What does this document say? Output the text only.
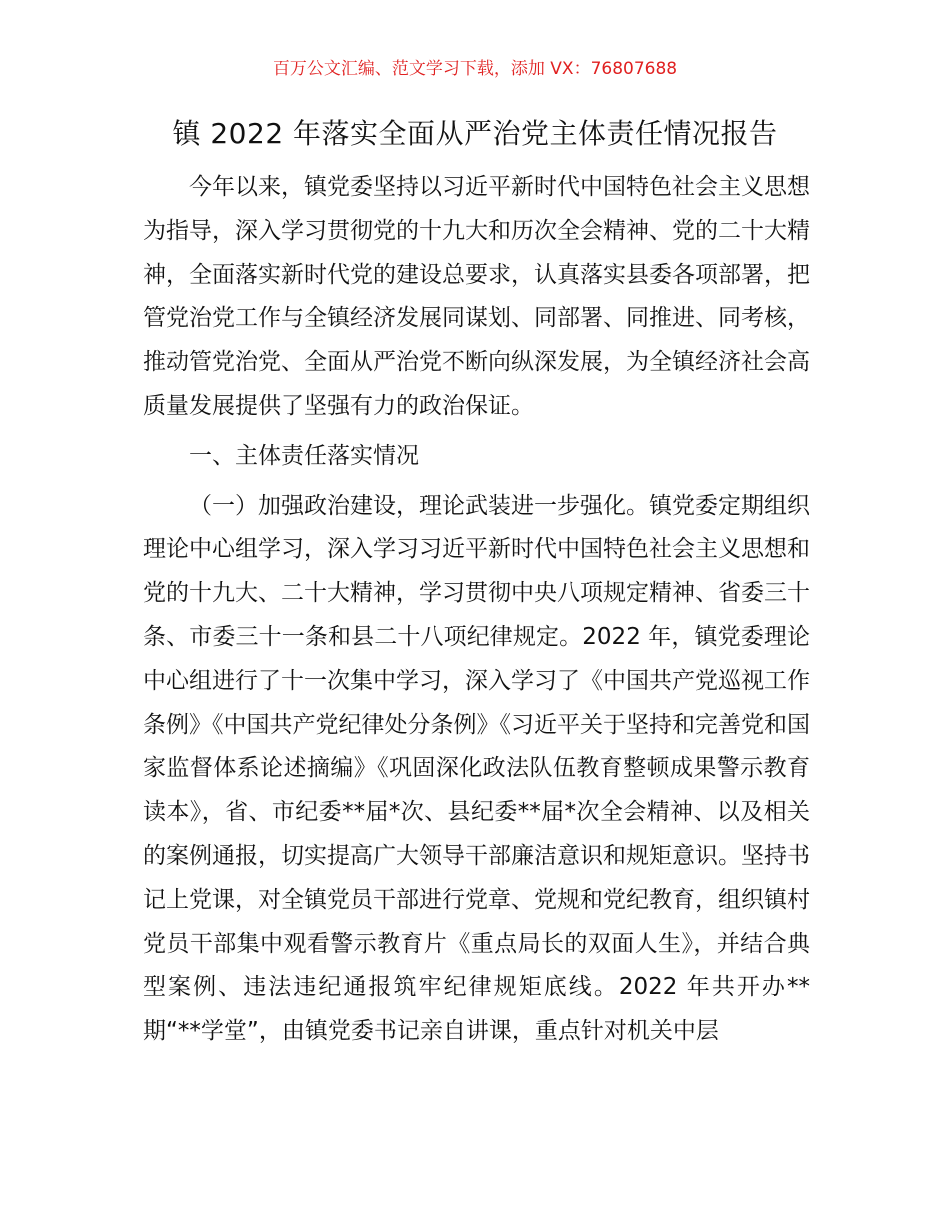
百万公文汇编、范文学习下载，添加 VX：76807688
镇 2022 年落实全面从严治党主体责任情况报告

今年以来，镇党委坚持以习近平新时代中国特色社会主义思想为指导，深入学习贯彻党的十九大和历次全会精神、党的二十大精神，全面落实新时代党的建设总要求，认真落实县委各项部署，把管党治党工作与全镇经济发展同谋划、同部署、同推进、同考核，推动管党治党、全面从严治党不断向纵深发展，为全镇经济社会高质量发展提供了坚强有力的政治保证。

一、主体责任落实情况

（一）加强政治建设，理论武装进一步强化。镇党委定期组织理论中心组学习，深入学习习近平新时代中国特色社会主义思想和党的十九大、二十大精神，学习贯彻中央八项规定精神、省委三十条、市委三十一条和县二十八项纪律规定。2022 年，镇党委理论中心组进行了十一次集中学习，深入学习了《中国共产党巡视工作条例》《中国共产党纪律处分条例》《习近平关于坚持和完善党和国家监督体系论述摘编》《巩固深化政法队伍教育整顿成果警示教育读本》，省、市纪委**届*次、县纪委**届*次全会精神、以及相关的案例通报，切实提高广大领导干部廉洁意识和规矩意识。坚持书记上党课，对全镇党员干部进行党章、党规和党纪教育，组织镇村党员干部集中观看警示教育片《重点局长的双面人生》，并结合典型案例、违法违纪通报筑牢纪律规矩底线。2022 年共开办**期“**学堂”，由镇党委书记亲自讲课，重点针对机关中层
